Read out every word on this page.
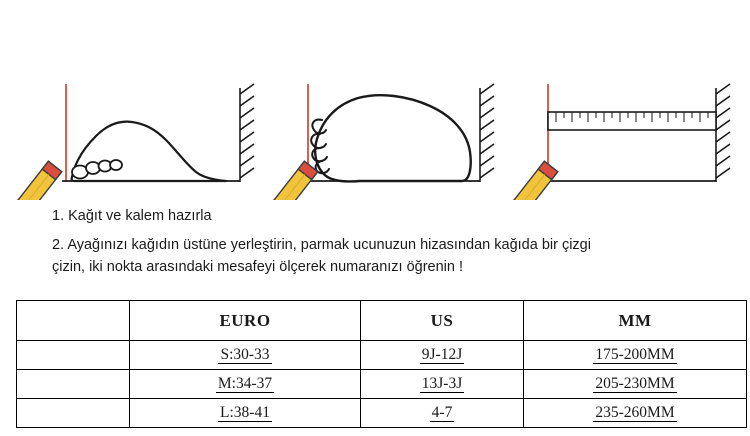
1. Kağıt ve kalem hazırla
2. Ayağınızı kağıdın üstüne yerleştirin, parmak ucunuzun hizasından kağıda bir çizgi
çizin, iki nokta arasındaki mesafeyi ölçerek numaranızı öğrenin !
	EURO	US	MM
	S:30-33	9J-12J	175-200MM
	M:34-37	13J-3J	205-230MM
	L:38-41	4-7	235-260MM
